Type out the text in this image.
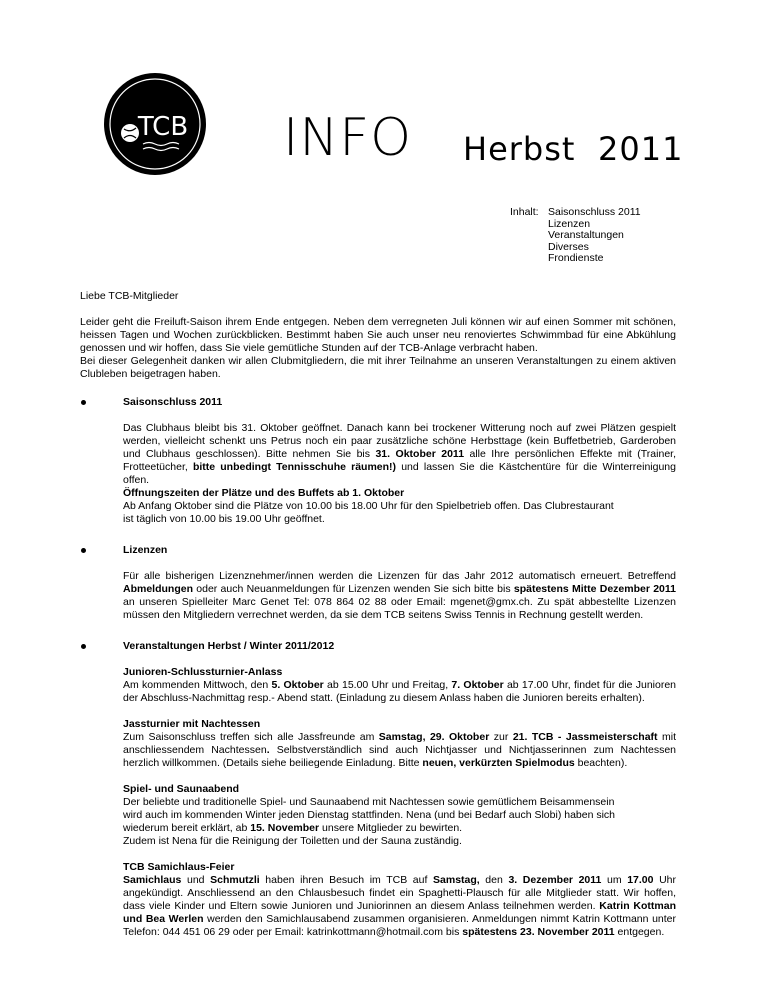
TCB INFO Herbst 2011
Inhalt: Saisonschluss 2011
Lizenzen
Veranstaltungen
Diverses
Frondienste

Liebe TCB-Mitglieder

Leider geht die Freiluft-Saison ihrem Ende entgegen. Neben dem verregneten Juli können wir auf einen Sommer mit schönen, heissen Tagen und Wochen zurückblicken. Bestimmt haben Sie auch unser neu renoviertes Schwimmbad für eine Abkühlung genossen und wir hoffen, dass Sie viele gemütliche Stunden auf der TCB-Anlage verbracht haben.

Bei dieser Gelegenheit danken wir allen Clubmitgliedern, die mit ihrer Teilnahme an unseren Veranstaltungen zu einem aktiven Clubleben beigetragen haben.

Saisonschluss 2011

Das Clubhaus bleibt bis 31. Oktober geöffnet. Danach kann bei trockener Witterung noch auf zwei Plätzen gespielt werden, vielleicht schenkt uns Petrus noch ein paar zusätzliche schöne Herbsttage (kein Buffetbetrieb, Garderoben und Clubhaus geschlossen). Bitte nehmen Sie bis 31. Oktober 2011 alle Ihre persönlichen Effekte mit (Trainer, Frotteetücher, bitte unbedingt Tennisschuhe räumen!) und lassen Sie die Kästchentüre für die Winterreinigung offen.

Öffnungszeiten der Plätze und des Buffets ab 1. Oktober

Ab Anfang Oktober sind die Plätze von 10.00 bis 18.00 Uhr für den Spielbetrieb offen. Das Clubrestaurant

ist täglich von 10.00 bis 19.00 Uhr geöffnet.

Lizenzen

Für alle bisherigen Lizenznehmer/innen werden die Lizenzen für das Jahr 2012 automatisch erneuert. Betreffend Abmeldungen oder auch Neuanmeldungen für Lizenzen wenden Sie sich bitte bis spätestens Mitte Dezember 2011 an unseren Spielleiter Marc Genet Tel: 078 864 02 88 oder Email: mgenet@gmx.ch. Zu spät abbestellte Lizenzen müssen den Mitgliedern verrechnet werden, da sie dem TCB seitens Swiss Tennis in Rechnung gestellt werden.

Veranstaltungen Herbst / Winter 2011/2012

Junioren-Schlussturnier-Anlass

Am kommenden Mittwoch, den 5. Oktober ab 15.00 Uhr und Freitag, 7. Oktober ab 17.00 Uhr, findet für die Junioren der Abschluss-Nachmittag resp.- Abend statt. (Einladung zu diesem Anlass haben die Junioren bereits erhalten).

Jassturnier mit Nachtessen

Zum Saisonschluss treffen sich alle Jassfreunde am Samstag, 29. Oktober zur 21. TCB - Jassmeisterschaft mit anschliessendem Nachtessen. Selbstverständlich sind auch Nichtjasser und Nichtjasserinnen zum Nachtessen herzlich willkommen. (Details siehe beiliegende Einladung. Bitte neuen, verkürzten Spielmodus beachten).

Spiel- und Saunaabend

Der beliebte und traditionelle Spiel- und Saunaabend mit Nachtessen sowie gemütlichem Beisammensein

wird auch im kommenden Winter jeden Dienstag stattfinden. Nena (und bei Bedarf auch Slobi) haben sich

wiederum bereit erklärt, ab 15. November unsere Mitglieder zu bewirten.

Zudem ist Nena für die Reinigung der Toiletten und der Sauna zuständig.

TCB Samichlaus-Feier

Samichlaus und Schmutzli haben ihren Besuch im TCB auf Samstag, den 3. Dezember 2011 um 17.00 Uhr angekündigt. Anschliessend an den Chlausbesuch findet ein Spaghetti-Plausch für alle Mitglieder statt. Wir hoffen, dass viele Kinder und Eltern sowie Junioren und Juniorinnen an diesem Anlass teilnehmen werden. Katrin Kottman und Bea Werlen werden den Samichlausabend zusammen organisieren. Anmeldungen nimmt Katrin Kottmann unter Telefon: 044 451 06 29 oder per Email: katrinkottmann@hotmail.com bis spätestens 23. November 2011 entgegen.
